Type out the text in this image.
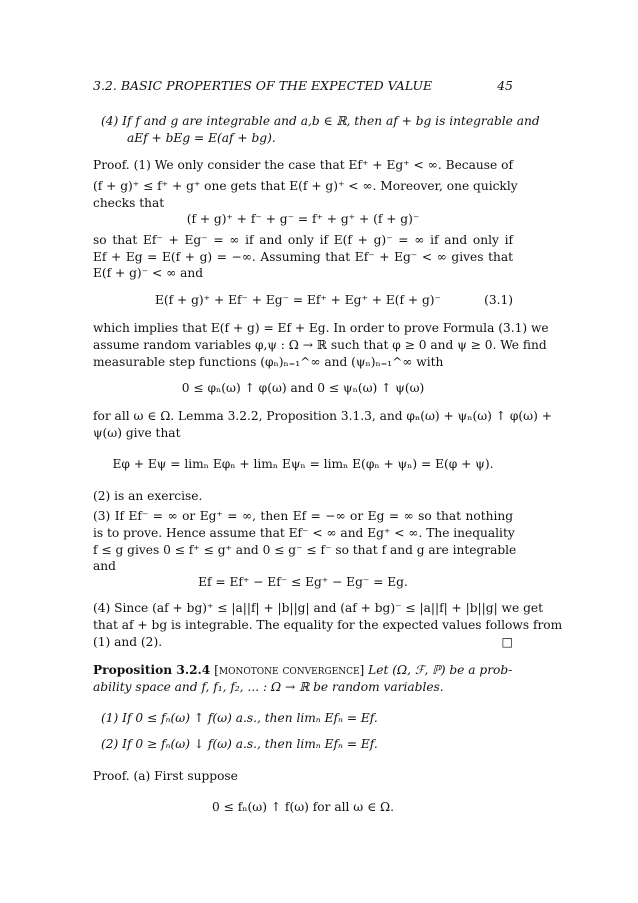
3.2. BASIC PROPERTIES OF THE EXPECTED VALUE	45
(4) If f and g are integrable and a,b ∈ ℝ, then af + bg is integrable and
aEf + bEg = E(af + bg).
Proof. (1) We only consider the case that Ef⁺ + Eg⁺ < ∞. Because of
(f + g)⁺ ≤ f⁺ + g⁺ one gets that E(f + g)⁺ < ∞. Moreover, one quickly
checks that
(f + g)⁺ + f⁻ + g⁻ = f⁺ + g⁺ + (f + g)⁻
so that Ef⁻ + Eg⁻ = ∞ if and only if E(f + g)⁻ = ∞ if and only if
Ef + Eg = E(f + g) = −∞. Assuming that Ef⁻ + Eg⁻ < ∞ gives that
E(f + g)⁻ < ∞ and
E(f + g)⁺ + Ef⁻ + Eg⁻ = Ef⁺ + Eg⁺ + E(f + g)⁻	(3.1)
which implies that E(f + g) = Ef + Eg. In order to prove Formula (3.1) we
assume random variables φ,ψ : Ω → ℝ such that φ ≥ 0 and ψ ≥ 0. We find
measurable step functions (φₙ)ₙ₌₁^∞ and (ψₙ)ₙ₌₁^∞ with
0 ≤ φₙ(ω) ↑ φ(ω) and 0 ≤ ψₙ(ω) ↑ ψ(ω)
for all ω ∈ Ω. Lemma 3.2.2, Proposition 3.1.3, and φₙ(ω) + ψₙ(ω) ↑ φ(ω) +
ψ(ω) give that
Eφ + Eψ = limₙ Eφₙ + limₙ Eψₙ = limₙ E(φₙ + ψₙ) = E(φ + ψ).
(2) is an exercise.
(3) If Ef⁻ = ∞ or Eg⁺ = ∞, then Ef = −∞ or Eg = ∞ so that nothing
is to prove. Hence assume that Ef⁻ < ∞ and Eg⁺ < ∞. The inequality
f ≤ g gives 0 ≤ f⁺ ≤ g⁺ and 0 ≤ g⁻ ≤ f⁻ so that f and g are integrable
and
Ef = Ef⁺ − Ef⁻ ≤ Eg⁺ − Eg⁻ = Eg.
(4) Since (af + bg)⁺ ≤ |a||f| + |b||g| and (af + bg)⁻ ≤ |a||f| + |b||g| we get
that af + bg is integrable. The equality for the expected values follows from
(1) and (2).	□
Proposition 3.2.4 [monotone convergence] Let (Ω, ℱ, ℙ) be a prob-
ability space and f, f₁, f₂, ... : Ω → ℝ be random variables.
(1) If 0 ≤ fₙ(ω) ↑ f(ω) a.s., then limₙ Efₙ = Ef.
(2) If 0 ≥ fₙ(ω) ↓ f(ω) a.s., then limₙ Efₙ = Ef.
Proof. (a) First suppose
0 ≤ fₙ(ω) ↑ f(ω) for all ω ∈ Ω.
